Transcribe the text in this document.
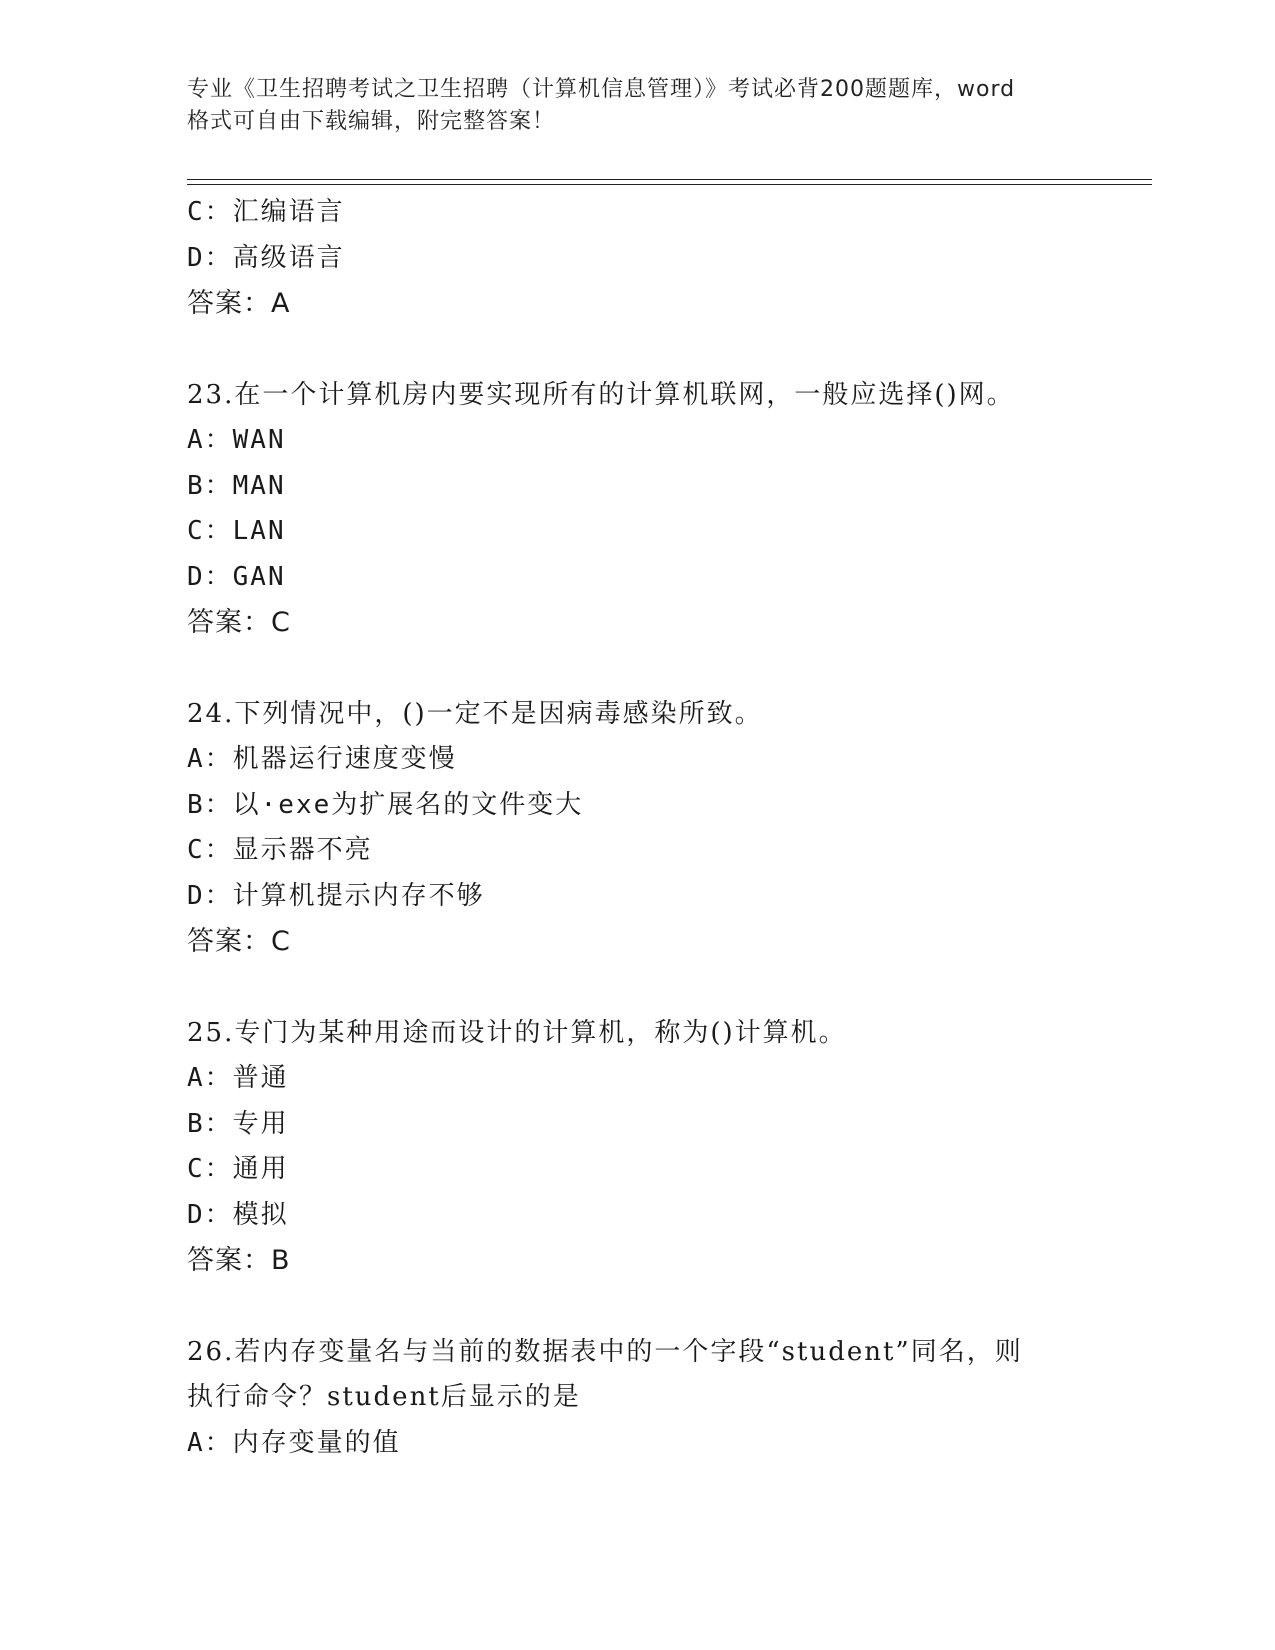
专业《卫生招聘考试之卫生招聘（计算机信息管理）》考试必背200题题库，word
格式可自由下载编辑，附完整答案！
C：汇编语言
D：高级语言
答案：A
23.在一个计算机房内要实现所有的计算机联网，一般应选择()网。
A：WAN
B：MAN
C：LAN
D：GAN
答案：C
24.下列情况中，()一定不是因病毒感染所致。
A：机器运行速度变慢
B：以·exe为扩展名的文件变大
C：显示器不亮
D：计算机提示内存不够
答案：C
25.专门为某种用途而设计的计算机，称为()计算机。
A：普通
B：专用
C：通用
D：模拟
答案：B
26.若内存变量名与当前的数据表中的一个字段“student”同名，则
执行命令？student后显示的是
A：内存变量的值
